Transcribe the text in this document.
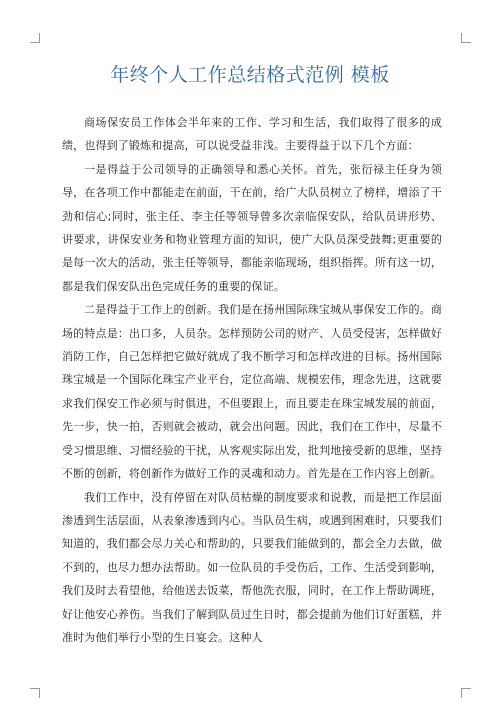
年终个人工作总结格式范例 模板

商场保安员工作体会半年来的工作、学习和生活，我们取得了很多的成绩，也得到了锻炼和提高，可以说受益非浅。主要得益于以下几个方面：

一是得益于公司领导的正确领导和悉心关怀。首先，张衍禄主任身为领导，在各项工作中都能走在前面，干在前，给广大队员树立了榜样，增添了干劲和信心;同时，张主任、李主任等领导曾多次亲临保安队，给队员讲形势、讲要求，讲保安业务和物业管理方面的知识，使广大队员深受鼓舞;更重要的是每一次大的活动，张主任等领导，都能亲临现场，组织指挥。所有这一切，都是我们保安队出色完成任务的重要的保证。

二是得益于工作上的创新。我们是在扬州国际珠宝城从事保安工作的。商场的特点是：出口多，人员杂。怎样预防公司的财产、人员受侵害，怎样做好消防工作，自己怎样把它做好就成了我不断学习和怎样改进的目标。扬州国际珠宝城是一个国际化珠宝产业平台，定位高端、规模宏伟，理念先进，这就要求我们保安工作必须与时俱进，不但要跟上，而且要走在珠宝城发展的前面，先一步，快一拍，否则就会被动，就会出问题。因此，我们在工作中，尽量不受习惯思维、习惯经验的干扰，从客观实际出发，批判地接受新的思维，坚持不断的创新，将创新作为做好工作的灵魂和动力。首先是在工作内容上创新。

我们工作中，没有停留在对队员枯燥的制度要求和说教，而是把工作层面渗透到生活层面，从表象渗透到内心。当队员生病，或遇到困难时，只要我们知道的，我们都会尽力关心和帮助的，只要我们能做到的，都会全力去做，做不到的，也尽力想办法帮助。如一位队员的手受伤后，工作、生活受到影响，我们及时去看望他，给他送去饭菜，帮他洗衣服，同时，在工作上帮助调班，好让他安心养伤。当我们了解到队员过生日时，都会提前为他们订好蛋糕，并准时为他们举行小型的生日宴会。这种人
